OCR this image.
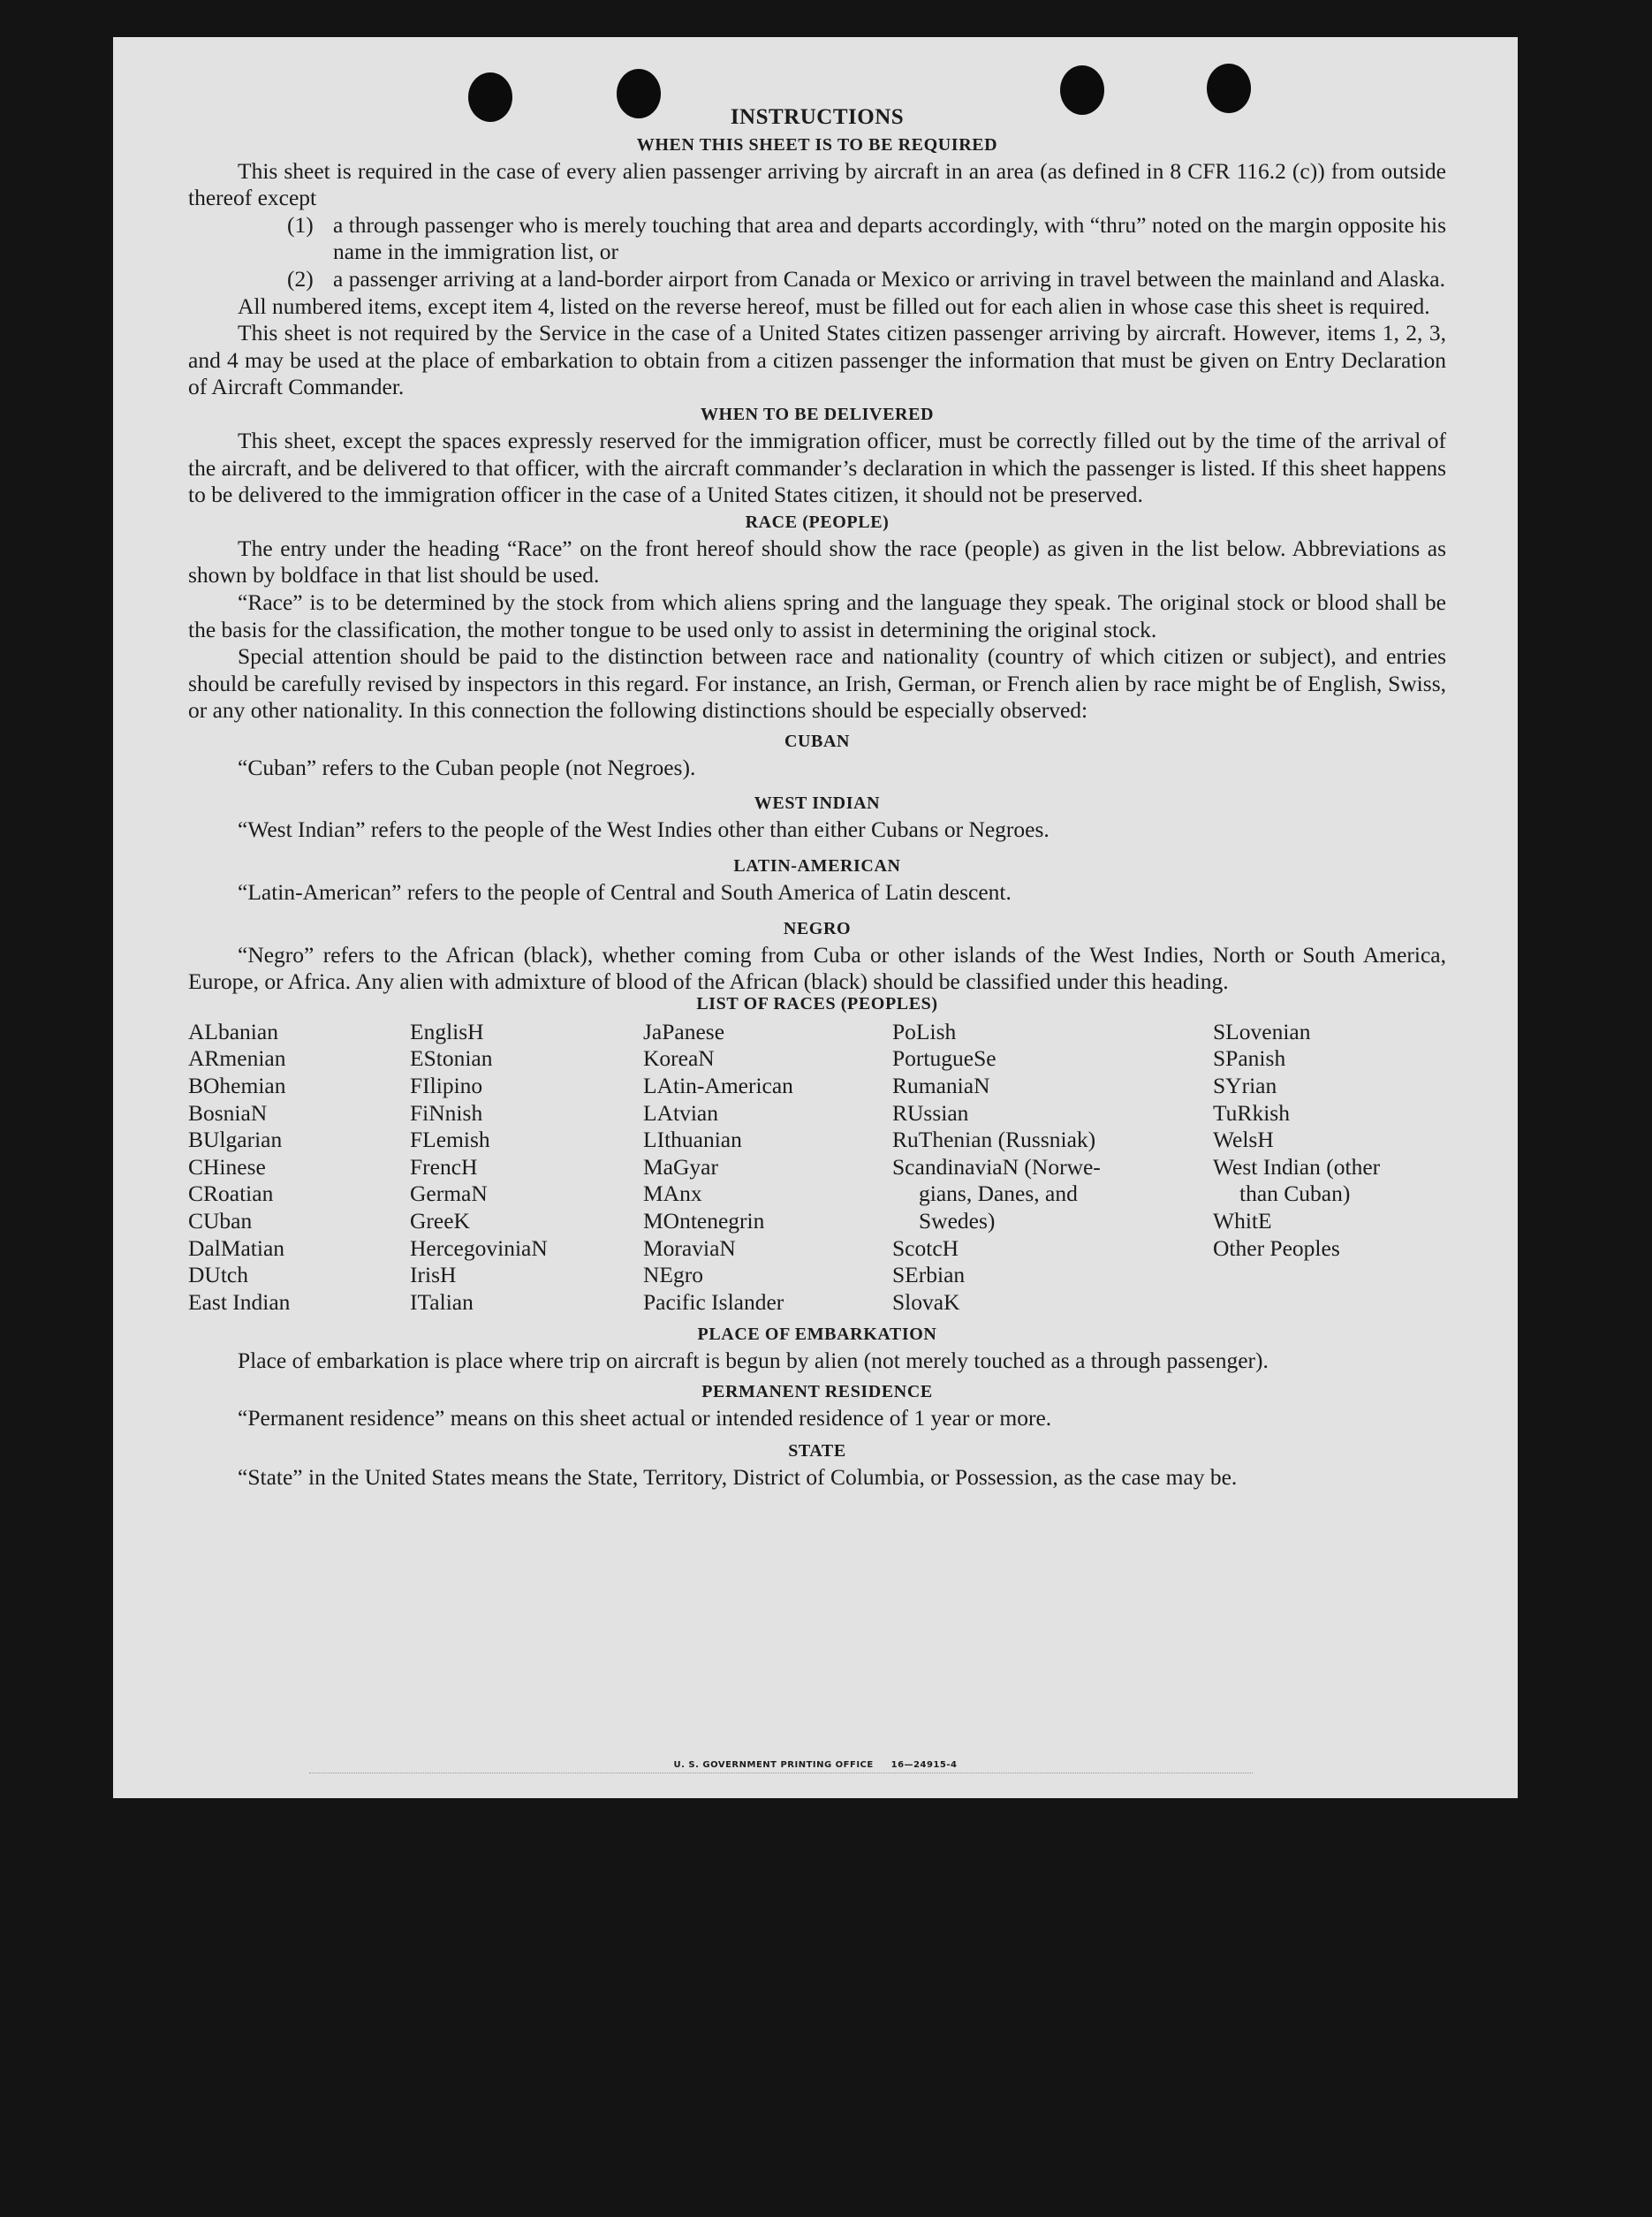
U. S. GOVERNMENT PRINTING OFFICE     16—24915-4
INSTRUCTIONS
WHEN THIS SHEET IS TO BE REQUIRED

This sheet is required in the case of every alien passenger arriving by aircraft in an area (as defined in 8 CFR 116.2 (c)) from outside thereof except

(1) a through passenger who is merely touching that area and departs accordingly, with “thru” noted on the margin opposite his name in the immigration list, or
(2) a passenger arriving at a land-border airport from Canada or Mexico or arriving in travel between the mainland and Alaska.

All numbered items, except item 4, listed on the reverse hereof, must be filled out for each alien in whose case this sheet is required.

This sheet is not required by the Service in the case of a United States citizen passenger arriving by aircraft. However, items 1, 2, 3, and 4 may be used at the place of embarkation to obtain from a citizen passenger the information that must be given on Entry Declaration of Aircraft Commander.

WHEN TO BE DELIVERED

This sheet, except the spaces expressly reserved for the immigration officer, must be correctly filled out by the time of the arrival of the aircraft, and be delivered to that officer, with the aircraft commander’s declaration in which the passenger is listed. If this sheet happens to be delivered to the immigration officer in the case of a United States citizen, it should not be preserved.

RACE (PEOPLE)

The entry under the heading “Race” on the front hereof should show the race (people) as given in the list below. Abbreviations as shown by boldface in that list should be used.

“Race” is to be determined by the stock from which aliens spring and the language they speak. The original stock or blood shall be the basis for the classification, the mother tongue to be used only to assist in determining the original stock.

Special attention should be paid to the distinction between race and nationality (country of which citizen or subject), and entries should be carefully revised by inspectors in this regard. For instance, an Irish, German, or French alien by race might be of English, Swiss, or any other nationality. In this connection the following distinctions should be especially observed:

CUBAN

“Cuban” refers to the Cuban people (not Negroes).

WEST INDIAN

“West Indian” refers to the people of the West Indies other than either Cubans or Negroes.

LATIN-AMERICAN

“Latin-American” refers to the people of Central and South America of Latin descent.

NEGRO

“Negro” refers to the African (black), whether coming from Cuba or other islands of the West Indies, North or South America, Europe, or Africa. Any alien with admixture of blood of the African (black) should be classified under this heading.

LIST OF RACES (PEOPLES)
ALbanian
ARmenian
BOhemian
BosniaN
BUlgarian
CHinese
CRoatian
CUban
DalMatian
DUtch
East Indian
EnglisH
EStonian
FIlipino
FiNnish
FLemish
FrencH
GermaN
GreeK
HercegoviniaN
IrisH
ITalian
JaPanese
KoreaN
LAtin-American
LAtvian
LIthuanian
MaGyar
MAnx
MOntenegrin
MoraviaN
NEgro
Pacific Islander
PoLish
PortugueSe
RumaniaN
RUssian
RuThenian (Russniak)
ScandinaviaN (Norwe-
gians, Danes, and
Swedes)
ScotcH
SErbian
SlovaK
SLovenian
SPanish
SYrian
TuRkish
WelsH
West Indian (other
than Cuban)
WhitE
Other Peoples
PLACE OF EMBARKATION

Place of embarkation is place where trip on aircraft is begun by alien (not merely touched as a through passenger).

PERMANENT RESIDENCE

“Permanent residence” means on this sheet actual or intended residence of 1 year or more.

STATE

“State” in the United States means the State, Territory, District of Columbia, or Possession, as the case may be.
